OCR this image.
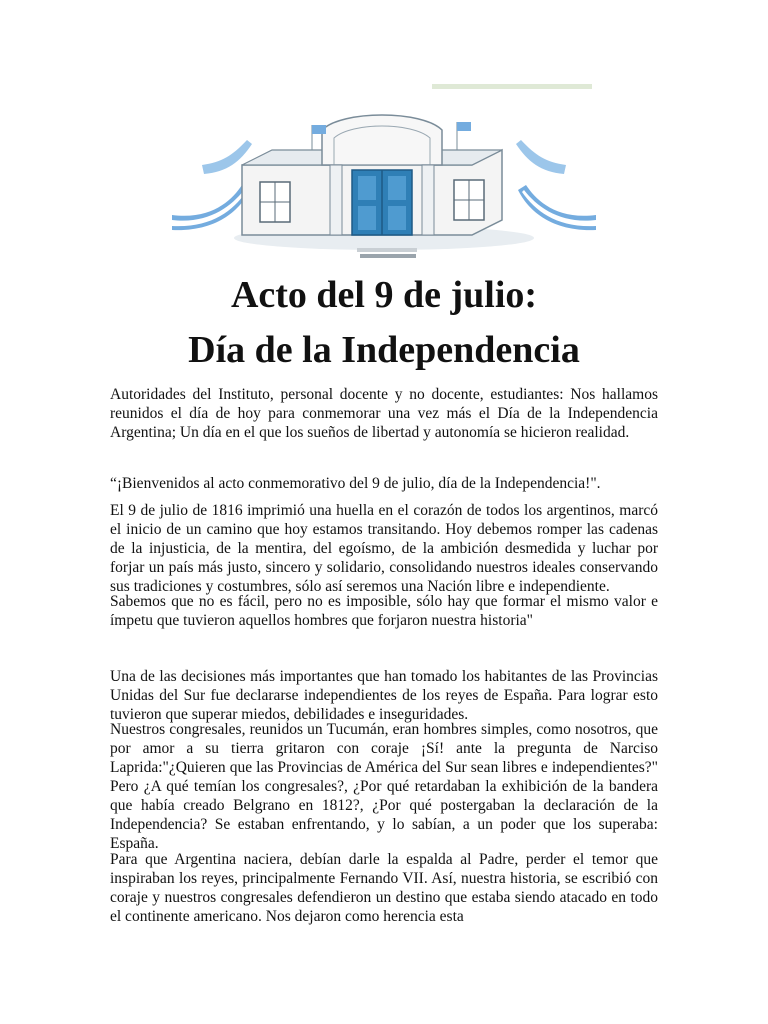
Acto del 9 de julio:
Día de la Independencia

Autoridades del Instituto, personal docente y no docente, estudiantes: Nos hallamos reunidos el día de hoy para conmemorar una vez más el Día de la Independencia Argentina; Un día en el que los sueños de libertad y autonomía se hicieron realidad.

“¡Bienvenidos al acto conmemorativo del 9 de julio, día de la Independencia!".

El 9 de julio de 1816 imprimió una huella en el corazón de todos los argentinos, marcó el inicio de un camino que hoy estamos transitando. Hoy debemos romper las cadenas de la injusticia, de la mentira, del egoísmo, de la ambición desmedida y luchar por forjar un país más justo, sincero y solidario, consolidando nuestros ideales conservando sus tradiciones y costumbres, sólo así seremos una Nación libre e independiente.

Sabemos que no es fácil, pero no es imposible, sólo hay que formar el mismo valor e ímpetu que tuvieron aquellos hombres que forjaron nuestra historia"

Una de las decisiones más importantes que han tomado los habitantes de las Provincias Unidas del Sur fue declararse independientes de los reyes de España. Para lograr esto tuvieron que superar miedos, debilidades e inseguridades.

Nuestros congresales, reunidos un Tucumán, eran hombres simples, como nosotros, que por amor a su tierra gritaron con coraje ¡Sí! ante la pregunta de Narciso Laprida:"¿Quieren que las Provincias de América del Sur sean libres e independientes?" Pero ¿A qué temían los congresales?, ¿Por qué retardaban la exhibición de la bandera que había creado Belgrano en 1812?, ¿Por qué postergaban la declaración de la Independencia? Se estaban enfrentando, y lo sabían, a un poder que los superaba: España.

Para que Argentina naciera, debían darle la espalda al Padre, perder el temor que inspiraban los reyes, principalmente Fernando VII. Así, nuestra historia, se escribió con coraje y nuestros congresales defendieron un destino que estaba siendo atacado en todo el continente americano. Nos dejaron como herencia esta
